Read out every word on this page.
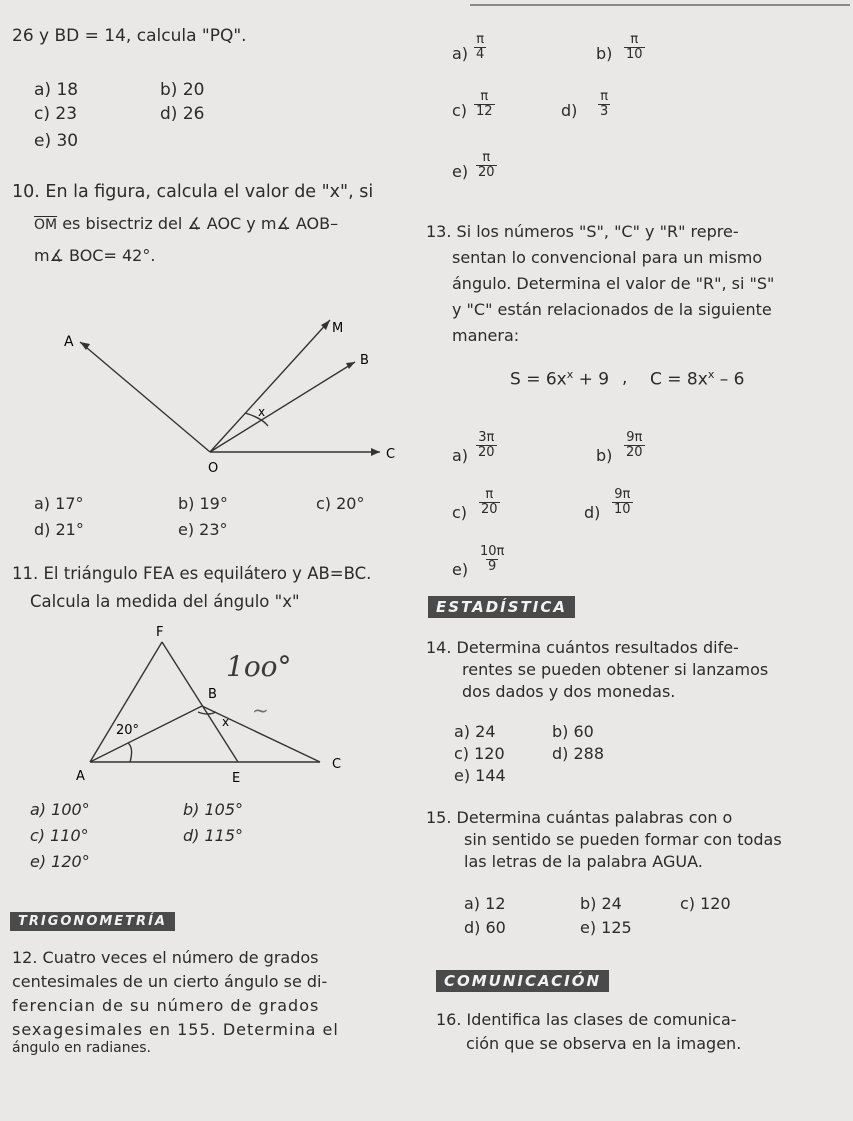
26 y BD = 14, calcula "PQ".
a) 18	b) 20
c) 23	d) 26
e) 30
$a) \frac{\pi}{4}$	$b) \frac{\pi}{10}$
$c) \frac{\pi}{12}$	$d) \frac{\pi}{3}$
$e) \frac{\pi}{20}$
10. En la figura, calcula el valor de "x", si
$\overline{OM}$ es bisectriz del ∡ AOC y m∡ AOB–
m∡ BOC= 42°.
A
M
B
C
O
x
a) 17°	b) 19°	c) 20°
d) 21°	e) 23°
11. El triángulo FEA es equilátero y AB=BC.
Calcula la medida del ángulo "x"
F
B
A	E
C
20°
x
1oo°
~
a) 100°	b) 105°
c) 110°	d) 115°
e) 120°
TRIGONOMETRÍA
12. Cuatro veces el número de grados
centesimales de un cierto ángulo se di-
ferencian de su número de grados
sexagesimales en 155. Determina el
ángulo en radianes.
13. Si los números "S", "C" y "R" repre-
sentan lo convencional para un mismo
ángulo. Determina el valor de "R", si "S"
y "C" están relacionados de la siguiente
manera:
$S = 6x^x + 9$ , $C = 8x^x - 6$
$a) \frac{3\pi}{20}$	$b) \frac{9\pi}{20}$
$c) \frac{\pi}{20}$	$d) \frac{9\pi}{10}$
$e) \frac{10\pi}{9}$
ESTADÍSTICA
14. Determina cuántos resultados dife-
rentes se pueden obtener si lanzamos
dos dados y dos monedas.
a) 24	b) 60
c) 120	d) 288
e) 144
15. Determina cuántas palabras con o
sin sentido se pueden formar con todas
las letras de la palabra AGUA.
a) 12	b) 24	c) 120
d) 60	e) 125
COMUNICACIÓN
16. Identifica las clases de comunica-
ción que se observa en la imagen.
